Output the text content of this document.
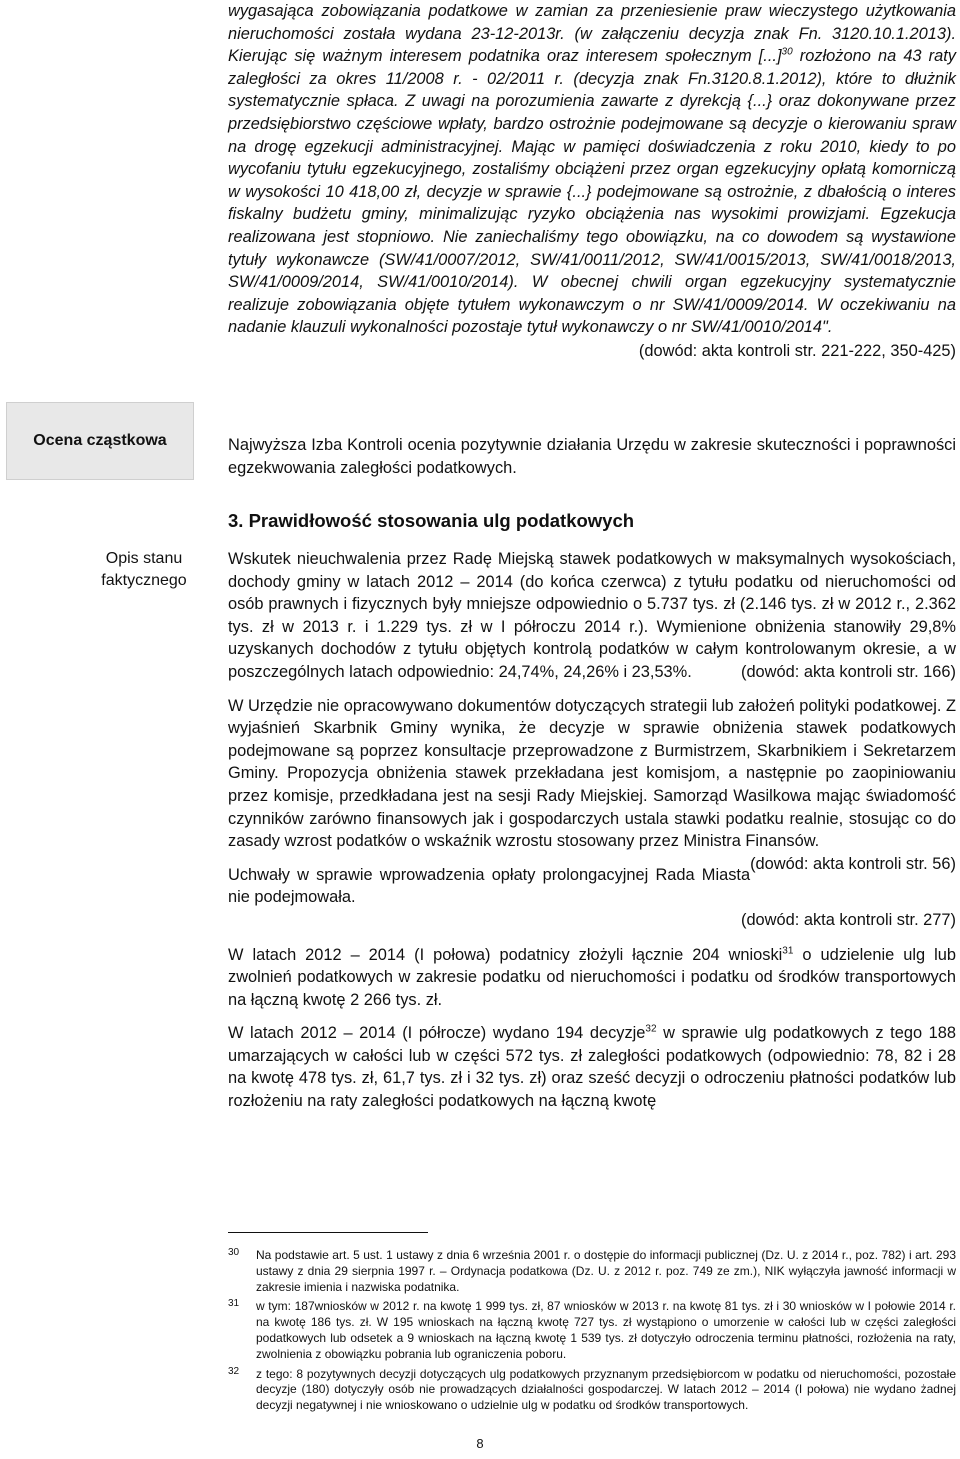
Ocena cząstkowa
Opis stanu faktycznego

wygasająca zobowiązania podatkowe w zamian za przeniesienie praw wieczystego użytkowania nieruchomości została wydana 23-12-2013r. (w załączeniu decyzja znak Fn. 3120.10.1.2013). Kierując się ważnym interesem podatnika oraz interesem społecznym [...]$^{30}$ rozłożono na 43 raty zaległości za okres 11/2008 r. - 02/2011 r. (decyzja znak Fn.3120.8.1.2012), które to dłużnik systematycznie spłaca. Z uwagi na porozumienia zawarte z dyrekcją {...} oraz dokonywane przez przedsiębiorstwo częściowe wpłaty, bardzo ostrożnie podejmowane są decyzje o kierowaniu spraw na drogę egzekucji administracyjnej. Mając w pamięci doświadczenia z roku 2010, kiedy to po wycofaniu tytułu egzekucyjnego, zostaliśmy obciążeni przez organ egzekucyjny opłatą komorniczą w wysokości 10 418,00 zł, decyzje w sprawie {...} podejmowane są ostrożnie, z dbałością o interes fiskalny budżetu gminy, minimalizując ryzyko obciążenia nas wysokimi prowizjami. Egzekucja realizowana jest stopniowo. Nie zaniechaliśmy tego obowiązku, na co dowodem są wystawione tytuły wykonawcze (SW/41/0007/2012, SW/41/0011/2012, SW/41/0015/2013, SW/41/0018/2013, SW/41/0009/2014, SW/41/0010/2014). W obecnej chwili organ egzekucyjny systematycznie realizuje zobowiązania objęte tytułem wykonawczym o nr SW/41/0009/2014. W oczekiwaniu na nadanie klauzuli wykonalności pozostaje tytuł wykonawczy o nr SW/41/0010/2014".

(dowód: akta kontroli str. 221-222, 350-425)

Najwyższa Izba Kontroli ocenia pozytywnie działania Urzędu w zakresie skuteczności i poprawności egzekwowania zaległości podatkowych.

3. Prawidłowość stosowania ulg podatkowych

Wskutek nieuchwalenia przez Radę Miejską stawek podatkowych w maksymalnych wysokościach, dochody gminy w latach 2012 – 2014 (do końca czerwca) z tytułu podatku od nieruchomości od osób prawnych i fizycznych były mniejsze odpowiednio o 5.737 tys. zł (2.146 tys. zł w 2012 r., 2.362 tys. zł w 2013 r. i 1.229 tys. zł w I półroczu 2014 r.). Wymienione obniżenia stanowiły 29,8% uzyskanych dochodów z tytułu objętych kontrolą podatków w całym kontrolowanym okresie, a w poszczególnych latach odpowiednio: 24,74%, 24,26% i 23,53%.	(dowód: akta kontroli str. 166)

W Urzędzie nie opracowywano dokumentów dotyczących strategii lub założeń polityki podatkowej. Z wyjaśnień Skarbnik Gminy wynika, że decyzje w sprawie obniżenia stawek podatkowych podejmowane są poprzez konsultacje przeprowadzone z Burmistrzem, Skarbnikiem i Sekretarzem Gminy. Propozycja obniżenia stawek przekładana jest komisjom, a następnie po zaopiniowaniu przez komisje, przedkładana jest na sesji Rady Miejskiej. Samorząd Wasilkowa mając świadomość czynników zarówno finansowych jak i gospodarczych ustala stawki podatku realnie, stosując co do zasady wzrost podatków o wskaźnik wzrostu stosowany przez Ministra Finansów.
(dowód: akta kontroli str. 56)

Uchwały w sprawie wprowadzenia opłaty prolongacyjnej Rada Miasta nie podejmowała.

(dowód: akta kontroli str. 277)

W latach 2012 – 2014 (I połowa) podatnicy złożyli łącznie 204 wnioski$^{31}$ o udzielenie ulg lub zwolnień podatkowych w zakresie podatku od nieruchomości i podatku od środków transportowych na łączną kwotę 2 266 tys. zł.

W latach 2012 – 2014 (I półrocze) wydano 194 decyzje$^{32}$ w sprawie ulg podatkowych z tego 188 umarzających w całości lub w części 572 tys. zł zaległości podatkowych (odpowiednio: 78, 82 i 28 na kwotę 478 tys. zł, 61,7 tys. zł i 32 tys. zł) oraz sześć decyzji o odroczeniu płatności podatków lub rozłożeniu na raty zaległości podatkowych na łączną kwotę

30 Na podstawie art. 5 ust. 1 ustawy z dnia 6 września 2001 r. o dostępie do informacji publicznej (Dz. U. z 2014 r., poz. 782) i art. 293 ustawy z dnia 29 sierpnia 1997 r. – Ordynacja podatkowa (Dz. U. z 2012 r. poz. 749 ze zm.), NIK wyłączyła jawność informacji w zakresie imienia i nazwiska podatnika.

31 w tym: 187wniosków w 2012 r. na kwotę 1 999 tys. zł, 87 wniosków w 2013 r. na kwotę 81 tys. zł i 30 wniosków w I połowie 2014 r. na kwotę 186 tys. zł. W 195 wnioskach na łączną kwotę 727 tys. zł wystąpiono o umorzenie w całości lub w części zaległości podatkowych lub odsetek a 9 wnioskach na łączną kwotę 1 539 tys. zł dotyczyło odroczenia terminu płatności, rozłożenia na raty, zwolnienia z obowiązku pobrania lub ograniczenia poboru.

32 z tego: 8 pozytywnych decyzji dotyczących ulg podatkowych przyznanym przedsiębiorcom w podatku od nieruchomości, pozostałe decyzje (180) dotyczyły osób nie prowadzących działalności gospodarczej. W latach 2012 – 2014 (I połowa) nie wydano żadnej decyzji negatywnej i nie wnioskowano o udzielnie ulg w podatku od środków transportowych.

8
